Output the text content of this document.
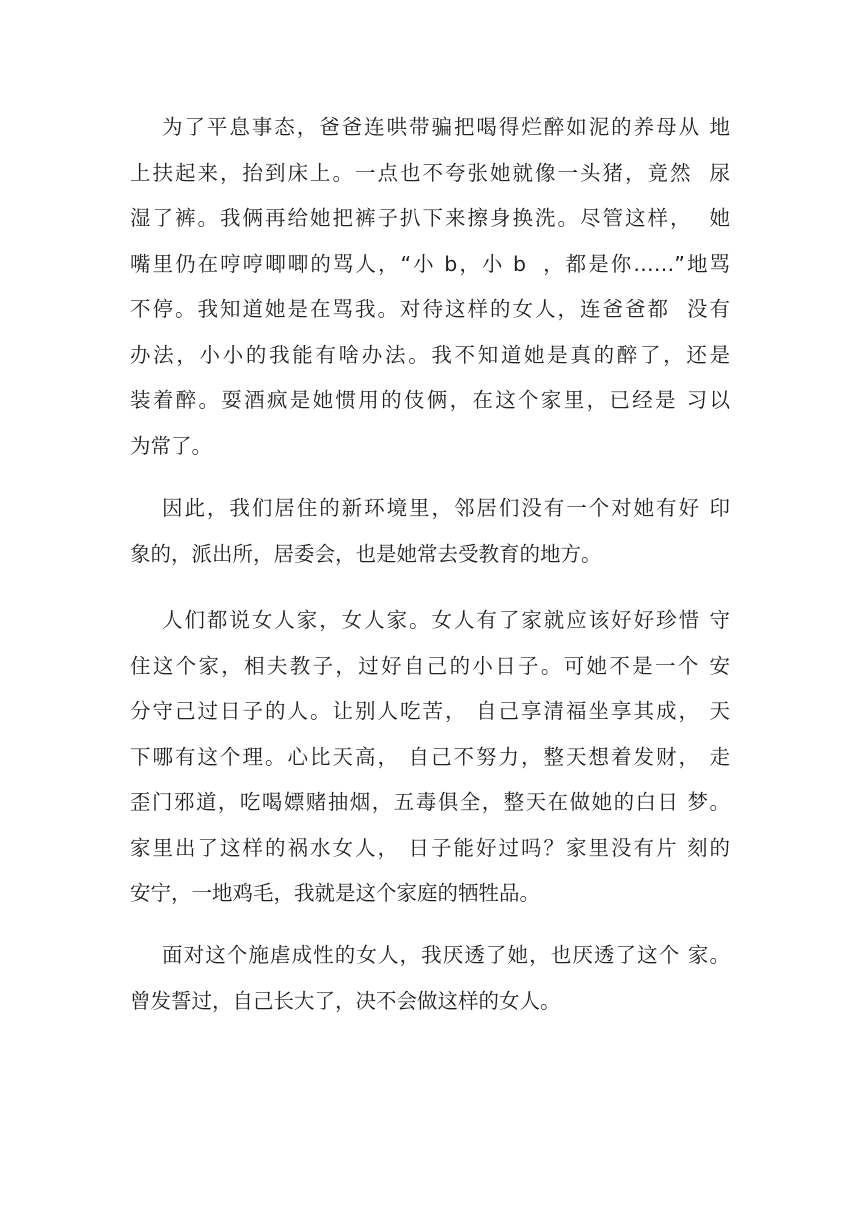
为了平息事态，爸爸连哄带骗把喝得烂醉如泥的养母从 地
上扶起来，抬到床上。一点也不夸张她就像一头猪，竟然  尿
湿了裤。我俩再给她把裤子扒下来擦身换洗。尽管这样，  她
嘴里仍在哼哼唧唧的骂人，“小 b，小 b  ，都是你……”地骂
不停。我知道她是在骂我。对待这样的女人，连爸爸都  没有
办法，小小的我能有啥办法。我不知道她是真的醉了，还是
装着醉。耍酒疯是她惯用的伎俩，在这个家里，已经是 习以
为常了。
因此，我们居住的新环境里，邻居们没有一个对她有好 印
象的，派出所，居委会，也是她常去受教育的地方。
人们都说女人家，女人家。女人有了家就应该好好珍惜 守
住这个家，相夫教子，过好自己的小日子。可她不是一个 安
分守己过日子的人。让别人吃苦， 自己享清福坐享其成， 天
下哪有这个理。心比天高， 自己不努力，整天想着发财， 走
歪门邪道，吃喝嫖赌抽烟，五毒俱全，整天在做她的白日 梦。
家里出了这样的祸水女人， 日子能好过吗？家里没有片 刻的
安宁，一地鸡毛，我就是这个家庭的牺牲品。
面对这个施虐成性的女人，我厌透了她，也厌透了这个 家。
曾发誓过，自己长大了，决不会做这样的女人。
